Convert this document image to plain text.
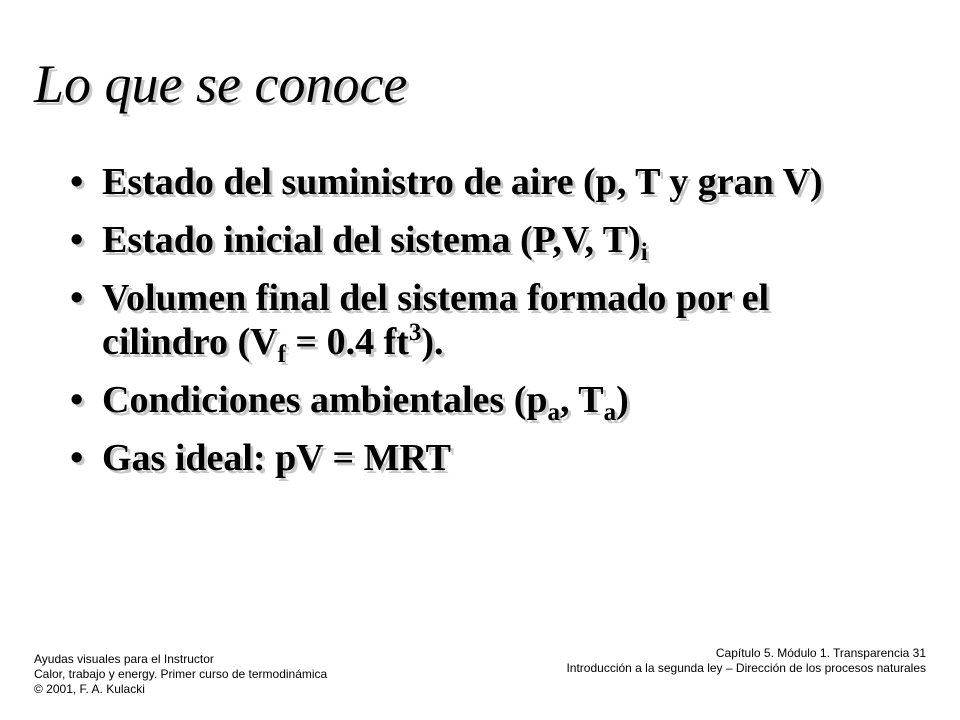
Lo que se conoce
• Estado del suministro de aire (p, T y gran V)
• Estado inicial del sistema (P,V, $T)_i$
• Volumen final del sistema formado por el cilindro ($V_f = 0.4$ $ft^3$).
• Condiciones ambientales ($p_a$, $T_a$)
• Gas ideal: pV = MRT
Ayudas visuales para el Instructor
Calor, trabajo y energy. Primer curso de termodinámica
© 2001, F. A. Kulacki
Capítulo 5. Módulo 1. Transparencia 31
Introducción a la segunda ley – Dirección de los procesos naturales
